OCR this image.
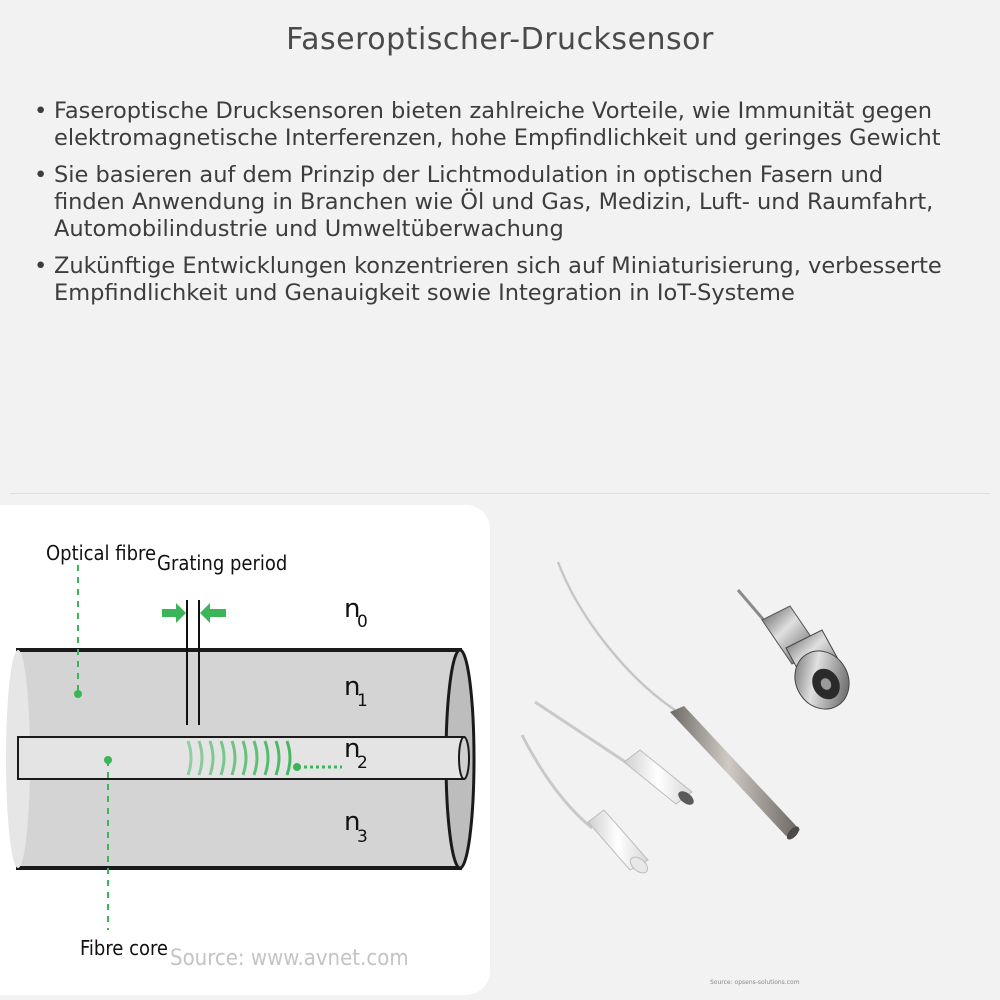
Faseroptischer-Drucksensor
• Faseroptische Drucksensoren bieten zahlreiche Vorteile, wie Immunität gegen elektromagnetische Interferenzen, hohe Empfindlichkeit und geringes Gewicht
• Sie basieren auf dem Prinzip der Lichtmodulation in optischen Fasern und finden Anwendung in Branchen wie Öl und Gas, Medizin, Luft- und Raumfahrt, Automobilindustrie und Umweltüberwachung
• Zukünftige Entwicklungen konzentrieren sich auf Miniaturisierung, verbesserte Empfindlichkeit und Genauigkeit sowie Integration in IoT-Systeme
Optical fibre Grating period
Fibre core
n
0
n
1
n
2
n
3
Source: www.avnet.com
Source: opsens-solutions.com
